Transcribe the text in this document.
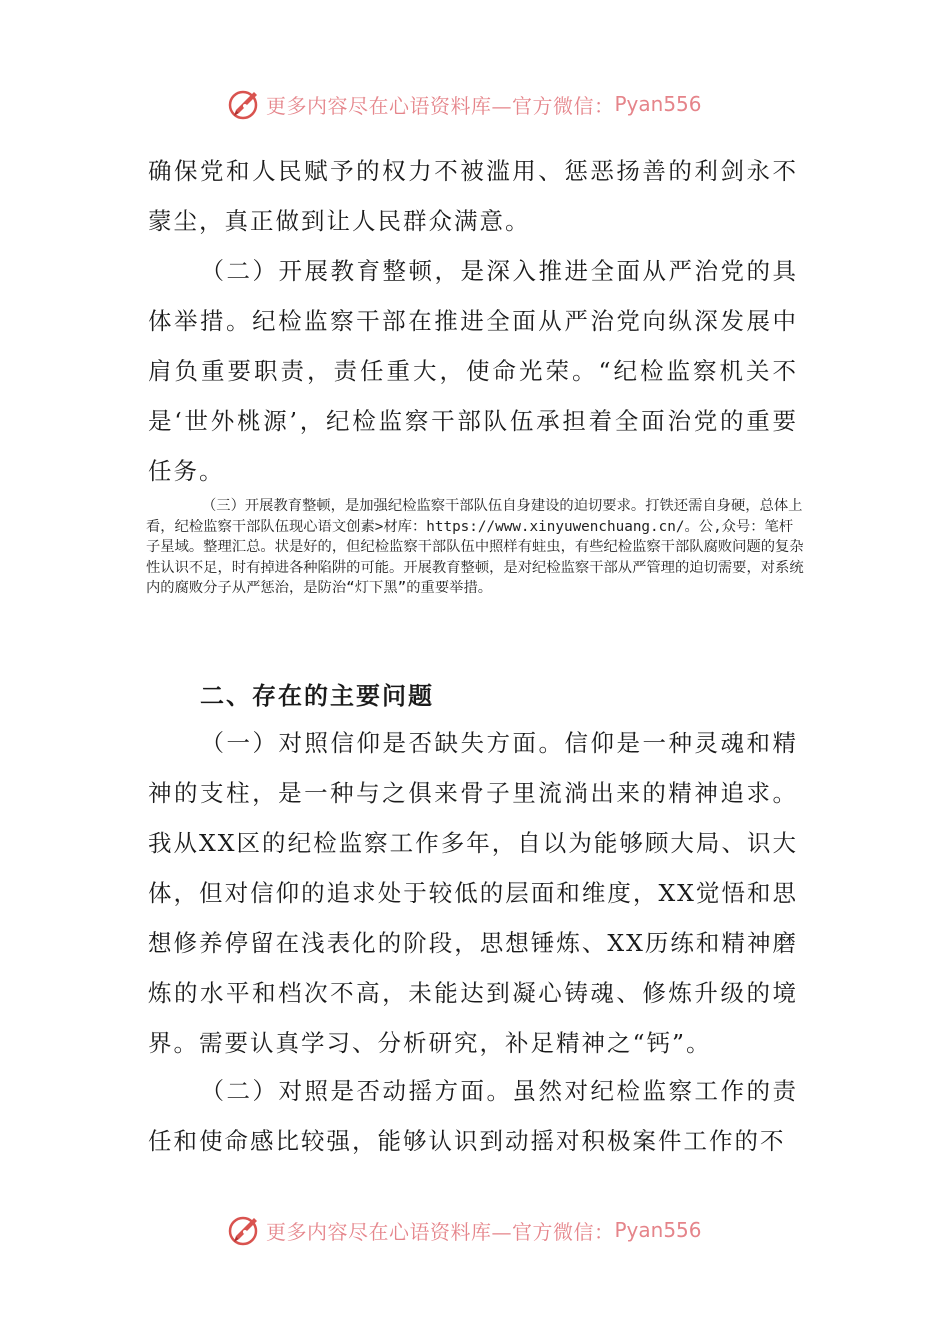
更多内容尽在心语资料库—官方微信： Pyan556

确保党和人民赋予的权力不被滥用、惩恶扬善的利剑永不蒙尘，真正做到让人民群众满意。

（二）开展教育整顿，是深入推进全面从严治党的具体举措。纪检监察干部在推进全面从严治党向纵深发展中肩负重要职责，责任重大，使命光荣。“纪检监察机关不是‘世外桃源’，纪检监察干部队伍承担着全面治党的重要任务。

（三）开展教育整顿，是加强纪检监察干部队伍自身建设的迫切要求。打铁还需自身硬，总体上看，纪检监察干部队伍现心语文创素>材库：https://www.xinyuwenchuang.cn/。公,众号：笔杆子星域。整理汇总。状是好的，但纪检监察干部队伍中照样有蛀虫，有些纪检监察干部队腐败问题的复杂性认识不足，时有掉进各种陷阱的可能。开展教育整顿，是对纪检监察干部从严管理的迫切需要，对系统内的腐败分子从严惩治，是防治“灯下黑”的重要举措。

二、存在的主要问题

（一）对照信仰是否缺失方面。信仰是一种灵魂和精神的支柱，是一种与之俱来骨子里流淌出来的精神追求。我从XX区的纪检监察工作多年，自以为能够顾大局、识大体，但对信仰的追求处于较低的层面和维度，XX觉悟和思想修养停留在浅表化的阶段，思想锤炼、XX历练和精神磨炼的水平和档次不高，未能达到凝心铸魂、修炼升级的境界。需要认真学习、分析研究，补足精神之“钙”。

（二）对照是否动摇方面。虽然对纪检监察工作的责任和使命感比较强，能够认识到动摇对积极案件工作的不

更多内容尽在心语资料库—官方微信： Pyan556
